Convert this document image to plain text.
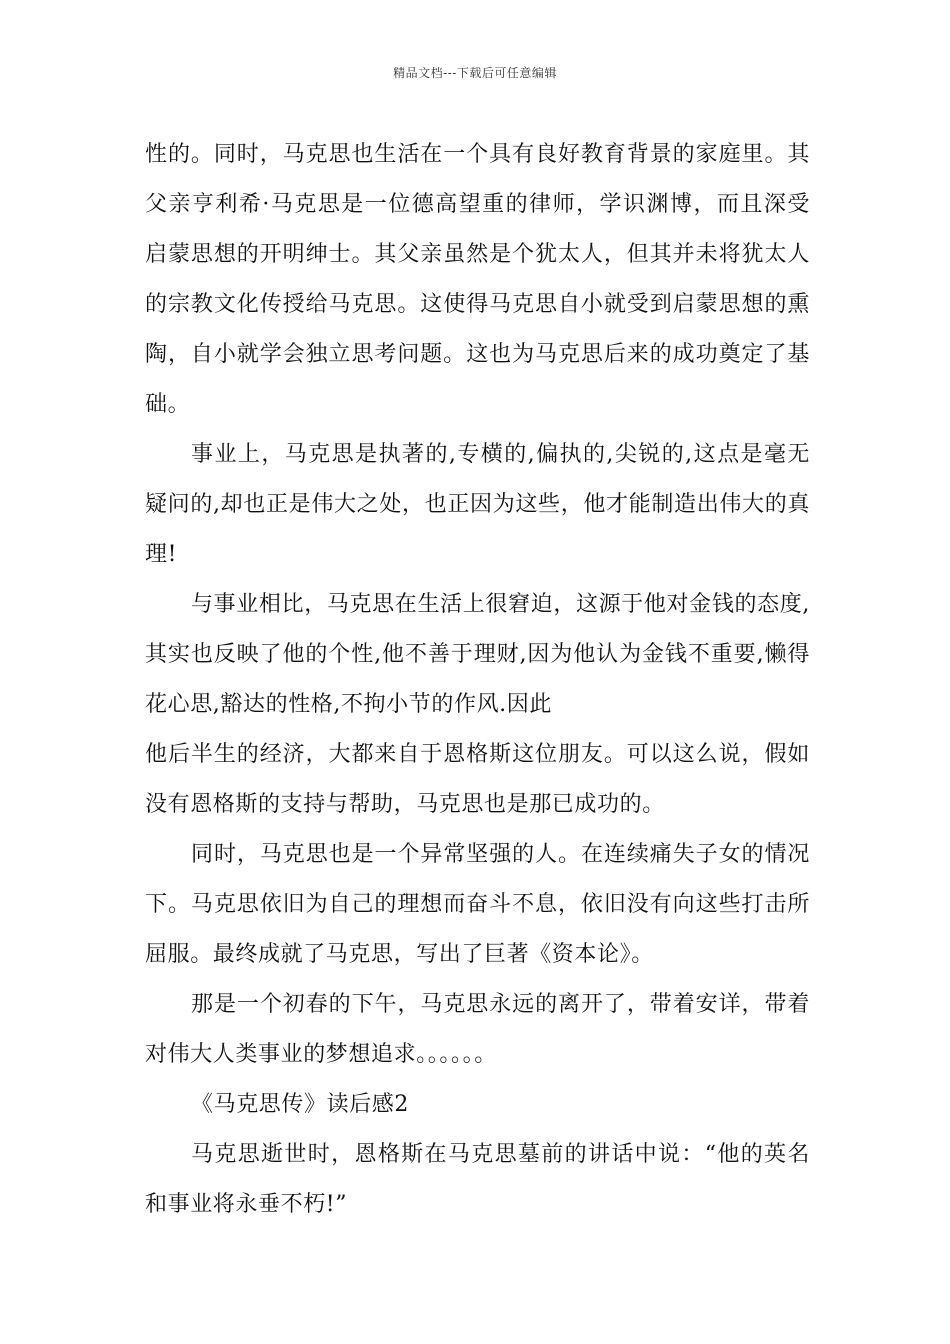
精品文档---下载后可任意编辑
性的。同时，马克思也生活在一个具有良好教育背景的家庭里。其
父亲亨利希·马克思是一位德高望重的律师，学识渊博，而且深受
启蒙思想的开明绅士。其父亲虽然是个犹太人，但其并未将犹太人
的宗教文化传授给马克思。这使得马克思自小就受到启蒙思想的熏
陶，自小就学会独立思考问题。这也为马克思后来的成功奠定了基
础。
事业上，马克思是执著的,专横的,偏执的,尖锐的,这点是毫无
疑问的,却也正是伟大之处，也正因为这些，他才能制造出伟大的真
理!
与事业相比，马克思在生活上很窘迫，这源于他对金钱的态度,
其实也反映了他的个性,他不善于理财,因为他认为金钱不重要,懒得
花心思,豁达的性格,不拘小节的作风.因此
他后半生的经济，大都来自于恩格斯这位朋友。可以这么说，假如
没有恩格斯的支持与帮助，马克思也是那已成功的。
同时，马克思也是一个异常坚强的人。在连续痛失子女的情况
下。马克思依旧为自己的理想而奋斗不息，依旧没有向这些打击所
屈服。最终成就了马克思，写出了巨著《资本论》。
那是一个初春的下午，马克思永远的离开了，带着安详，带着
对伟大人类事业的梦想追求。。。。。。
《马克思传》读后感2
马克思逝世时，恩格斯在马克思墓前的讲话中说：“他的英名
和事业将永垂不朽!”
